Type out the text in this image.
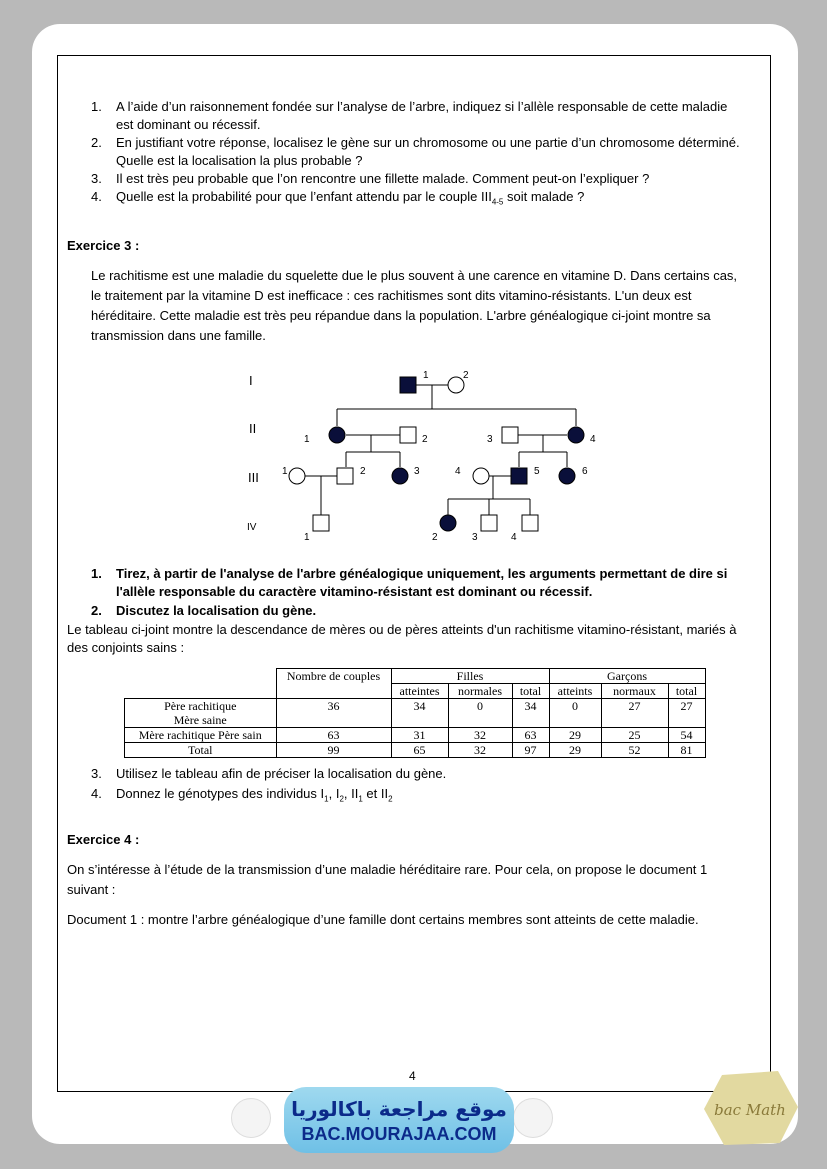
1. A l’aide d’un raisonnement fondée sur l’analyse de l’arbre, indiquez si l’allèle responsable de cette maladie
est dominant ou récessif.
2. En justifiant votre réponse, localisez le gène sur un chromosome ou une partie d’un chromosome déterminé.
Quelle est la localisation la plus probable ?
3. Il est très peu probable que l’on rencontre une fillette malade. Comment peut-on l’expliquer ?
4. Quelle est la probabilité pour que l’enfant attendu par le couple $III_{4-5}$ soit malade ?
Exercice 3 :
Le rachitisme est une maladie du squelette due le plus souvent à une carence en vitamine D. Dans certains cas,
le traitement par la vitamine D est inefficace : ces rachitismes sont dits vitamino-résistants. L'un deux est
héréditaire. Cette maladie est très peu répandue dans la population. L'arbre généalogique ci-joint montre sa
transmission dans une famille.
I
II
III
IV
1	2
1	2	3	4
1	2	3	4	5	6
1	2	3	4
1. Tirez, à partir de l'analyse de l'arbre généalogique uniquement, les arguments permettant de dire si
l'allèle responsable du caractère vitamino-résistant est dominant ou récessif.
2. Discutez la localisation du gène.
Le tableau ci-joint montre la descendance de mères ou de pères atteints d'un rachitisme vitamino-résistant, mariés à
des conjoints sains :
	Nombre de couples	Filles			Garçons		
		atteintes	normales	total	atteints	normaux	total

Père rachitique
Mère saine	36	34	0	34	0	27	27
Mère rachitique Père sain	63	31	32	63	29	25	54
Total	99	65	32	97	29	52	81
3. Utilisez le tableau afin de préciser la localisation du gène.
4. Donnez le génotypes des individus $I_1$, $I_2$, $II_1$ et $II_2$
Exercice 4 :
On s’intéresse à l’étude de la transmission d’une maladie héréditaire rare. Pour cela, on propose le document 1
suivant :
Document 1 : montre l’arbre généalogique d’une famille dont certains membres sont atteints de cette maladie.
4
موقع مراجعة باكالوريا
BAC.MOURAJAA.COM
bac Math
